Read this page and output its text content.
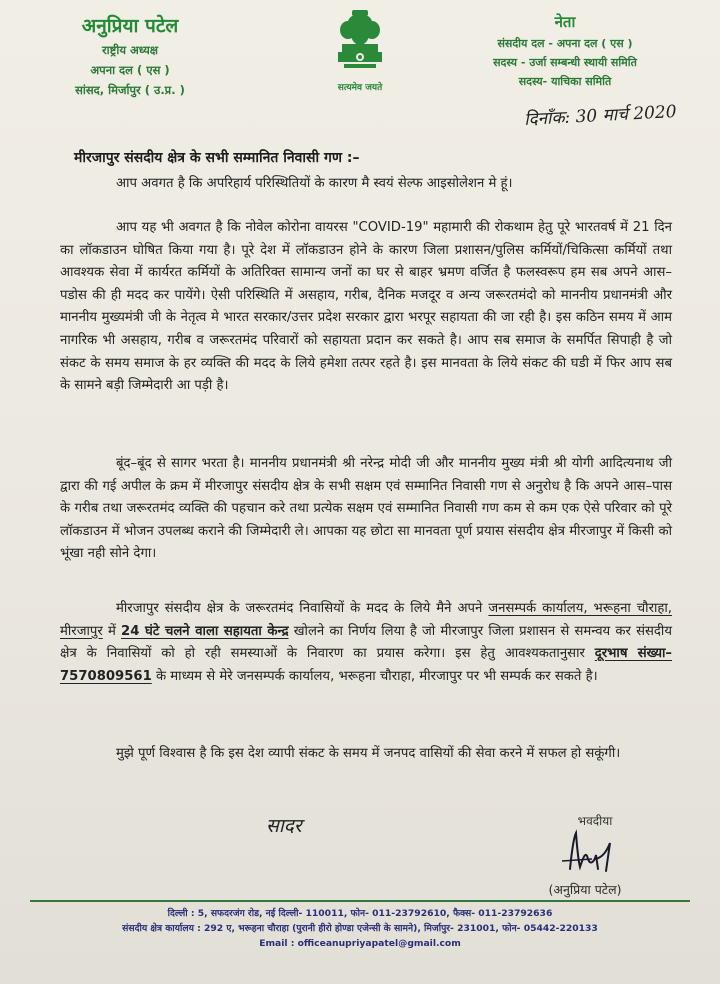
अनुप्रिया पटेल
राष्ट्रीय अध्यक्ष
अपना दल ( एस )
सांसद, मिर्जापुर ( उ.प्र. )	सत्यमेव जयते
नेता
संसदीय दल - अपना दल ( एस )
सदस्य - उर्जा सम्बन्धी स्थायी समिति
सदस्य- याचिका समिति
दिनाँक: 30 मार्च 2020
मीरजापुर संसदीय क्षेत्र के सभी सम्मानित निवासी गण :–
आप अवगत है कि अपरिहार्य परिस्थितियों के कारण मै स्वयं सेल्फ आइसोलेशन मे हूं।
आप यह भी अवगत है कि नोवेल कोरोना वायरस "COVID-19" महामारी की रोकथाम हेतु पूरे भारतवर्ष में 21 दिन का लॉकडाउन घोषित किया गया है। पूरे देश में लॉकडाउन होने के कारण जिला प्रशासन/पुलिस कर्मियों/चिकित्सा कर्मियों तथा आवश्यक सेवा में कार्यरत कर्मियों के अतिरिक्त सामान्य जनों का घर से बाहर भ्रमण वर्जित है फलस्वरूप हम सब अपने आस–पडोस की ही मदद कर पायेंगे। ऐसी परिस्थिति में असहाय, गरीब, दैनिक मजदूर व अन्य जरूरतमंदो को माननीय प्रधानमंत्री और माननीय मुख्यमंत्री जी के नेतृत्व मे भारत सरकार/उत्तर प्रदेश सरकार द्वारा भरपूर सहायता की जा रही है। इस कठिन समय में आम नागरिक भी असहाय, गरीब व जरूरतमंद परिवारों को सहायता प्रदान कर सकते है। आप सब समाज के समर्पित सिपाही है जो संकट के समय समाज के हर व्यक्ति की मदद के लिये हमेशा तत्पर रहते है। इस मानवता के लिये संकट की घडी में फिर आप सब के सामने बड़ी जिम्मेदारी आ पड़ी है।
बूंद–बूंद से सागर भरता है। माननीय प्रधानमंत्री श्री नरेन्द्र मोदी जी और माननीय मुख्य मंत्री श्री योगी आदित्यनाथ जी द्वारा की गई अपील के क्रम में मीरजापुर संसदीय क्षेत्र के सभी सक्षम एवं सम्मानित निवासी गण से अनुरोध है कि अपने आस–पास के गरीब तथा जरूरतमंद व्यक्ति की पहचान करे तथा प्रत्येक सक्षम एवं सम्मानित निवासी गण कम से कम एक ऐसे परिवार को पूरे लॉकडाउन में भोजन उपलब्ध कराने की जिम्मेदारी ले। आपका यह छोटा सा मानवता पूर्ण प्रयास संसदीय क्षेत्र मीरजापुर में किसी को भूंखा नही सोने देगा।
मीरजापुर संसदीय क्षेत्र के जरूरतमंद निवासियों के मदद के लिये मैने अपने जनसम्पर्क कार्यालय, भरूहना चौराहा, मीरजापुर में 24 घंटे चलने वाला सहायता केन्द्र खोलने का निर्णय लिया है जो मीरजापुर जिला प्रशासन से समन्वय कर संसदीय क्षेत्र के निवासियों को हो रही समस्याओं के निवारण का प्रयास करेगा। इस हेतु आवश्यकतानुसार दूरभाष संख्या–7570809561 के माध्यम से मेरे जनसम्पर्क कार्यालय, भरूहना चौराहा, मीरजापुर पर भी सम्पर्क कर सकते है।
मुझे पूर्ण विश्वास है कि इस देश व्यापी संकट के समय में जनपद वासियों की सेवा करने में सफल हो सकूंगी।
सादर	भवदीया
(अनुप्रिया पटेल)
दिल्ली : 5, सफदरजंग रोड, नई दिल्ली- 110011, फोन- 011-23792610, फैक्स- 011-23792636
संसदीय क्षेत्र कार्यालय : 292 ए, भरूहना चौराहा (पुरानी हीरो होण्डा एजेन्सी के सामने), मिर्जापुर- 231001, फोन- 05442-220133
Email : officeanupriyapatel@gmail.com
